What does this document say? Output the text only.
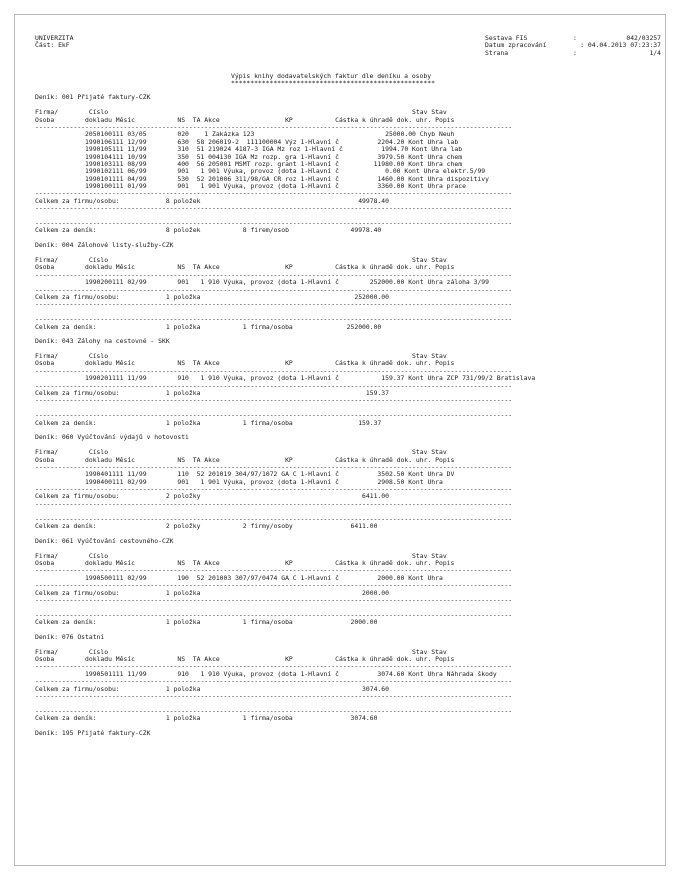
UNIVERZITA
Část: EkF
Sestava FIS	:	042/03257
Datum zpracování	: 04.04.2013 07:23:37
Strana	:	1/4
Výpis knihy dodavatelských faktur dle deníku a osoby
*****************************************************
Deník: 001 Přijaté faktury-CZK
Firma/        Číslo                                                                               Stav Stav
Osoba        dokladu Měsíc           NS  TA Akce                 KP           Částka k úhradě dok. uhr. Popis
----------------------------------------------------------------------------------------------------------------------------
2050100111 03/05        020    1 Zakázka 123                                  25000.00 Chyb Neuh
1990106111 12/99        630  58 206019-2  111100004 Výz 1-Hlavní č          2204.20 Kont Uhra lab
1990105111 11/99        310  51 219024 4187-3 IGA Mz roz 1-Hlavní č          1994.70 Kont Uhra lab
1990104111 10/99        350  51 004130 IGA Mz rozp. gra 1-Hlavní č          3979.50 Kont Uhra chem
1990103111 08/99        400  56 205001 MŠMT rozp. grant 1-Hlavní č         11980.00 Kont Uhra chem
1990102111 06/99        901   1 901 Výuka, provoz (dota 1-Hlavní č            0.00 Kont Uhra elektr.5/99
1990101111 04/99        530  52 201006 311/98/GA ČR roz 1-Hlavní č          1460.00 Kont Uhra dispozitivy
1990100111 01/99        901   1 901 Výuka, provoz (dota 1-Hlavní č          3360.00 Kont Uhra prace
----------------------------------------------------------------------------------------------------------------------------
Celkem za firmu/osobu:            8 položek                                         49978.40
----------------------------------------------------------------------------------------------------------------------------
----------------------------------------------------------------------------------------------------------------------------
Celkem za deník:                  8 položek           8 firem/osob                49978.40
Deník: 004 Zálohové listy-služby-CZK
Firma/        Číslo                                                                               Stav Stav
Osoba        dokladu Měsíc           NS  TA Akce                 KP           Částka k úhradě dok. uhr. Popis
----------------------------------------------------------------------------------------------------------------------------
1990200111 02/99        901   1 910 Výuka, provoz (dota 1-Hlavní č        252000.00 Kont Uhra záloha 3/99
----------------------------------------------------------------------------------------------------------------------------
Celkem za firmu/osobu:            1 položka                                        252000.00
----------------------------------------------------------------------------------------------------------------------------
----------------------------------------------------------------------------------------------------------------------------
Celkem za deník:                  1 položka           1 firma/osoba              252000.00
Deník: 043 Zálohy na cestovné - SKK
Firma/        Číslo                                                                               Stav Stav
Osoba        dokladu Měsíc           NS  TA Akce                 KP           Částka k úhradě dok. uhr. Popis
----------------------------------------------------------------------------------------------------------------------------
1990201111 11/99        910   1 910 Výuka, provoz (dota 1-Hlavní č           159.37 Kont Uhra ZCP 731/99/2 Bratislava
----------------------------------------------------------------------------------------------------------------------------
Celkem za firmu/osobu:            1 položka                                           159.37
----------------------------------------------------------------------------------------------------------------------------
----------------------------------------------------------------------------------------------------------------------------
Celkem za deník:                  1 položka           1 firma/osoba                 159.37
Deník: 060 Vyúčtování výdajů v hotovosti
Firma/        Číslo                                                                               Stav Stav
Osoba        dokladu Měsíc           NS  TA Akce                 KP           Částka k úhradě dok. uhr. Popis
----------------------------------------------------------------------------------------------------------------------------
1990401111 11/99        110  52 201019 304/97/1072 GA Č 1-Hlavní č          3502.50 Kont Uhra DV
1990400111 02/99        901   1 901 Výuka, provoz (dota 1-Hlavní č          2908.50 Kont Uhra
----------------------------------------------------------------------------------------------------------------------------
Celkem za firmu/osobu:            2 položky                                          6411.00
----------------------------------------------------------------------------------------------------------------------------
----------------------------------------------------------------------------------------------------------------------------
Celkem za deník:                  2 položky           2 firmy/osoby               6411.00
Deník: 061 Vyúčtování cestovného-CZK
Firma/        Číslo                                                                               Stav Stav
Osoba        dokladu Měsíc           NS  TA Akce                 KP           Částka k úhradě dok. uhr. Popis
----------------------------------------------------------------------------------------------------------------------------
1990500111 02/99        190  52 201003 307/97/0474 GA Č 1-Hlavní č          2000.00 Kont Uhra
----------------------------------------------------------------------------------------------------------------------------
Celkem za firmu/osobu:            1 položka                                          2000.00
----------------------------------------------------------------------------------------------------------------------------
----------------------------------------------------------------------------------------------------------------------------
Celkem za deník:                  1 položka           1 firma/osoba               2000.00
Deník: 076 Ostatní
Firma/        Číslo                                                                               Stav Stav
Osoba        dokladu Měsíc           NS  TA Akce                 KP           Částka k úhradě dok. uhr. Popis
----------------------------------------------------------------------------------------------------------------------------
1990501111 11/99        910   1 910 Výuka, provoz (dota 1-Hlavní č          3074.60 Kont Uhra Náhrada škody
----------------------------------------------------------------------------------------------------------------------------
Celkem za firmu/osobu:            1 položka                                          3074.60
----------------------------------------------------------------------------------------------------------------------------
----------------------------------------------------------------------------------------------------------------------------
Celkem za deník:                  1 položka           1 firma/osoba               3074.60
Deník: 195 Přijaté faktury-CZK
